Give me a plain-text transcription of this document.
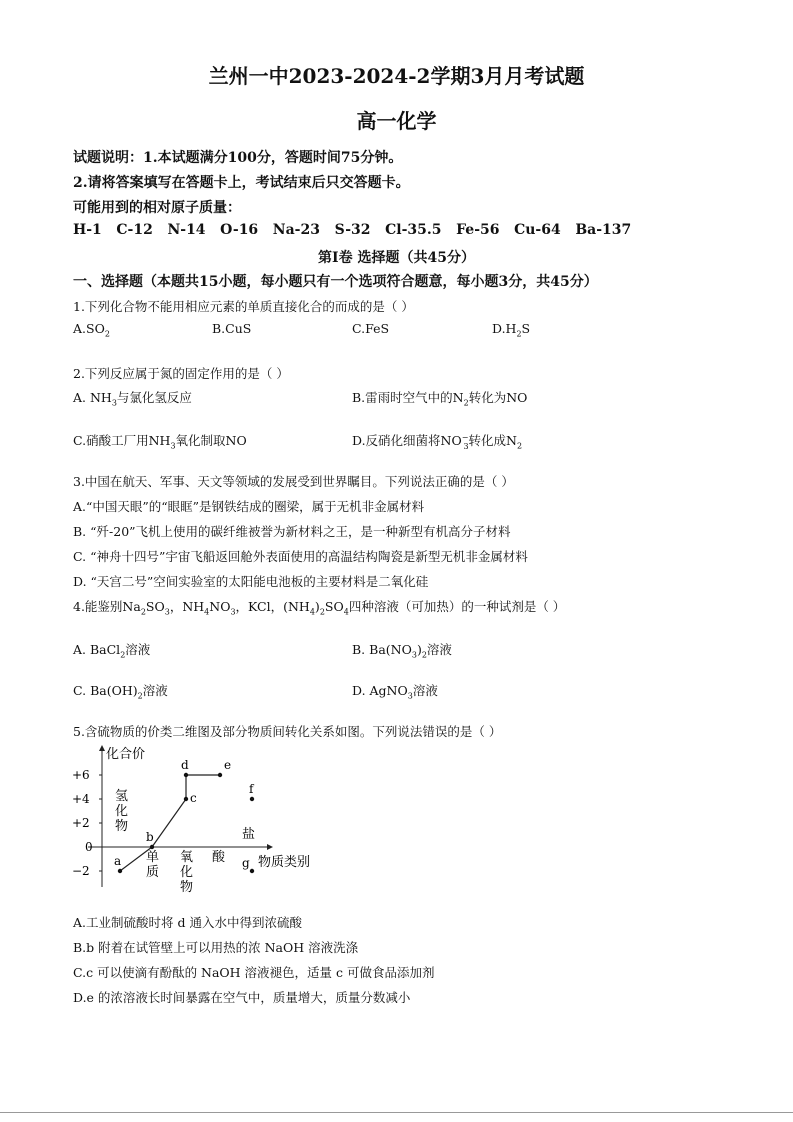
兰州一中2023-2024-2学期3月月考试题
高一化学
试题说明：1.本试题满分100分，答题时间75分钟。
2.请将答案填写在答题卡上，考试结束后只交答题卡。
可能用到的相对原子质量：
H-1   C-12   N-14   O-16   Na-23   S-32   Cl-35.5   Fe-56   Cu-64   Ba-137
第Ⅰ卷 选择题（共45分）
一、选择题（本题共15小题，每小题只有一个选项符合题意，每小题3分，共45分）
1.下列化合物不能用相应元素的单质直接化合的而成的是（ ）
$A.SO_2$	B.CuS	C.FeS	$D.H_2S$
2.下列反应属于氮的固定作用的是（ ）
A. $NH_3$与氯化氢反应	B.雷雨时空气中的$N_2$转化为NO
C.硝酸工厂用$NH_3$氧化制取NO	D.反硝化细菌将$NO^-_3$转化成$N_2$
3.中国在航天、军事、天文等领域的发展受到世界瞩目。下列说法正确的是（ ）
A.“中国天眼”的“眼眶”是钢铁结成的圈梁，属于无机非金属材料
B. “歼-20”飞机上使用的碳纤维被誉为新材料之王，是一种新型有机高分子材料
C. “神舟十四号”宇宙飞船返回舱外表面使用的高温结构陶瓷是新型无机非金属材料
D. “天宫二号”空间实验室的太阳能电池板的主要材料是二氧化硅
4.能鉴别$Na_2SO_3$，$NH_4NO_3$，KCl，$(NH_4)_2SO_4$四种溶液（可加热）的一种试剂是（ ）
A. BaCl$_2$溶液	B. $Ba(NO_3)_2$溶液
C. $Ba(OH)_2$溶液	D. AgNO$_3$溶液
5.含硫物质的价类二维图及部分物质间转化关系如图。下列说法错误的是（ ）
化合价
物质类别
0
+6
+4
+2
−2
氢
化
物
单
质
氧
化
物
酸
盐
a
b
c
d	e
f
g
A.工业制硫酸时将 d 通入水中得到浓硫酸
B.b 附着在试管壁上可以用热的浓 NaOH 溶液洗涤
C.c 可以使滴有酚酞的 NaOH 溶液褪色，适量 c 可做食品添加剂
D.e 的浓溶液长时间暴露在空气中，质量增大，质量分数减小
